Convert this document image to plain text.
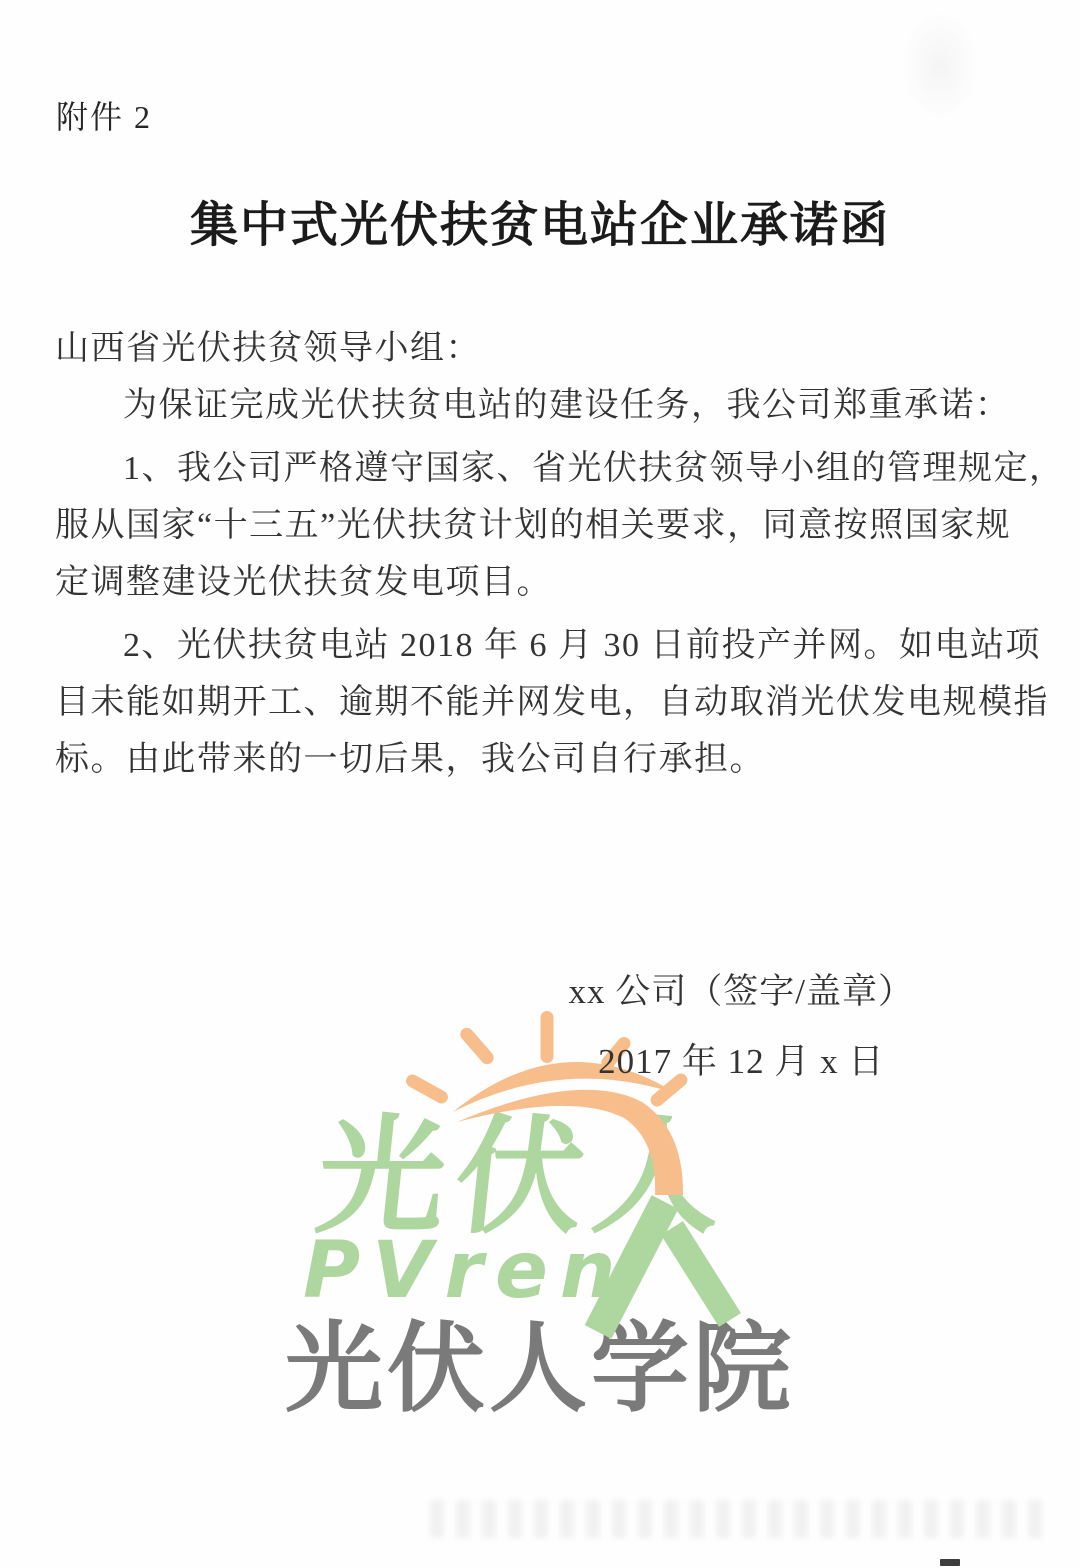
光伏人
PVren
光伏人学院
附件 2
集中式光伏扶贫电站企业承诺函
山西省光伏扶贫领导小组：
为保证完成光伏扶贫电站的建设任务，我公司郑重承诺：
1、我公司严格遵守国家、省光伏扶贫领导小组的管理规定，
服从国家“十三五”光伏扶贫计划的相关要求，同意按照国家规
定调整建设光伏扶贫发电项目。
2、光伏扶贫电站 2018 年 6 月 30 日前投产并网。如电站项
目未能如期开工、逾期不能并网发电，自动取消光伏发电规模指
标。由此带来的一切后果，我公司自行承担。
xx 公司（签字/盖章）
2017 年 12 月 x 日
